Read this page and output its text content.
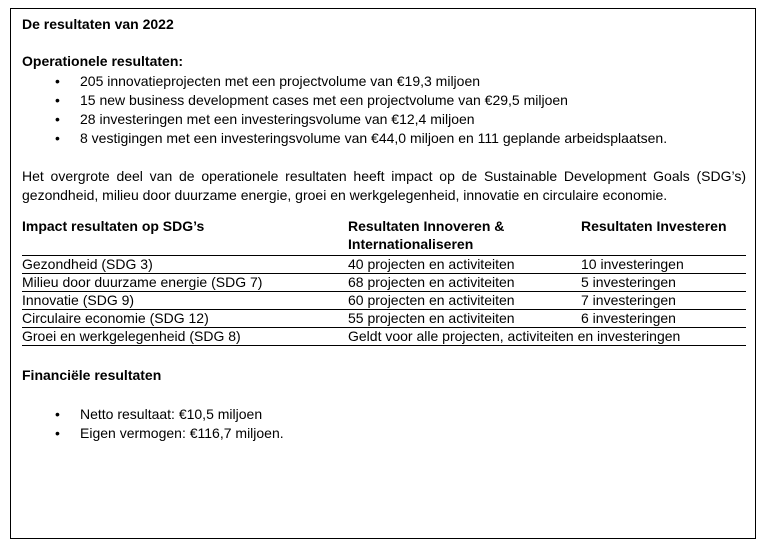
De resultaten van 2022
Operationele resultaten:
• 205 innovatieprojecten met een projectvolume van €19,3 miljoen
• 15 new business development cases met een projectvolume van €29,5 miljoen
• 28 investeringen met een investeringsvolume van €12,4 miljoen
• 8 vestigingen met een investeringsvolume van €44,0 miljoen en 111 geplande arbeidsplaatsen.

Het overgrote deel van de operationele resultaten heeft impact op de Sustainable Development Goals (SDG’s) gezondheid, milieu door duurzame energie, groei en werkgelegenheid, innovatie en circulaire economie.

Impact resultaten op SDG’s	Resultaten Innoveren & Internationaliseren	Resultaten Investeren
Gezondheid (SDG 3)	40 projecten en activiteiten	10 investeringen
Milieu door duurzame energie (SDG 7)	68 projecten en activiteiten	5 investeringen
Innovatie (SDG 9)	60 projecten en activiteiten	7 investeringen
Circulaire economie (SDG 12)	55 projecten en activiteiten	6 investeringen
Groei en werkgelegenheid (SDG 8)	Geldt voor alle projecten, activiteiten en investeringen	
Financiële resultaten
• Netto resultaat: €10,5 miljoen
• Eigen vermogen: €116,7 miljoen.
